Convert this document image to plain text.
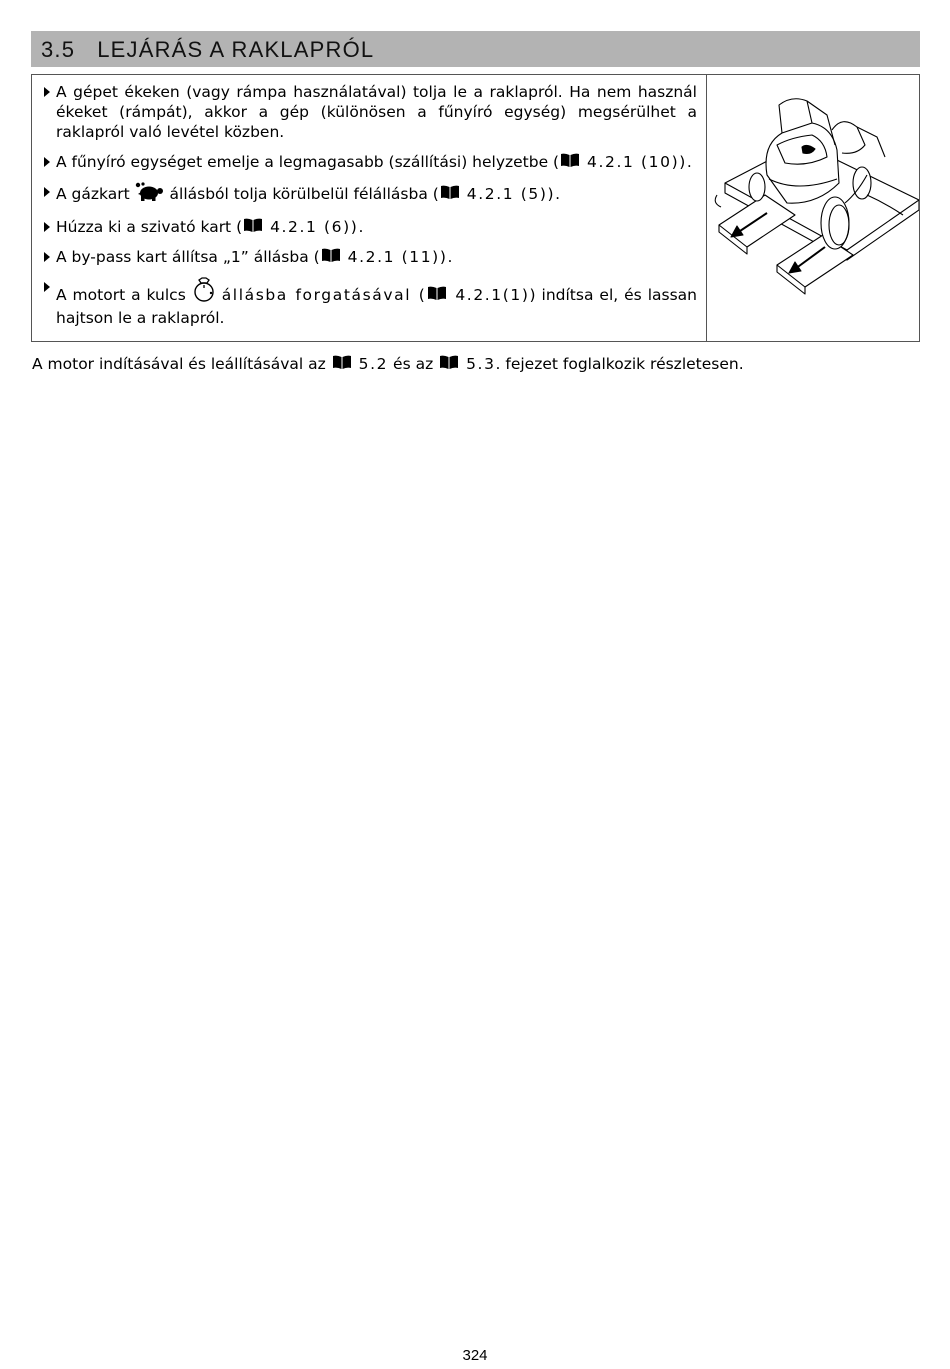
3.5 LEJÁRÁS A RAKLAPRÓL
A gépet ékeken (vagy rámpa használatával) tolja le a raklapról. Ha nem használ ékeket (rámpát), akkor a gép (különösen a fűnyíró egység) megsérülhet a raklapról való levétel közben.
A fűnyíró egységet emelje a legmagasabb (szállítási) helyzetbe ( 4.2.1 (10)).
A gázkart  állásból tolja körülbelül félállásba ( 4.2.1 (5)).
Húzza ki a szivató kart ( 4.2.1 (6)).
A by-pass kart állítsa „1” állásba ( 4.2.1 (11)).
A motort a kulcs  állásba forgatásával ( 4.2.1(1)) indítsa el, és lassan hajtson le a raklapról.
A motor indításával és leállításával az
5.2 és az
5.3. fejezet foglalkozik részletesen.
324
